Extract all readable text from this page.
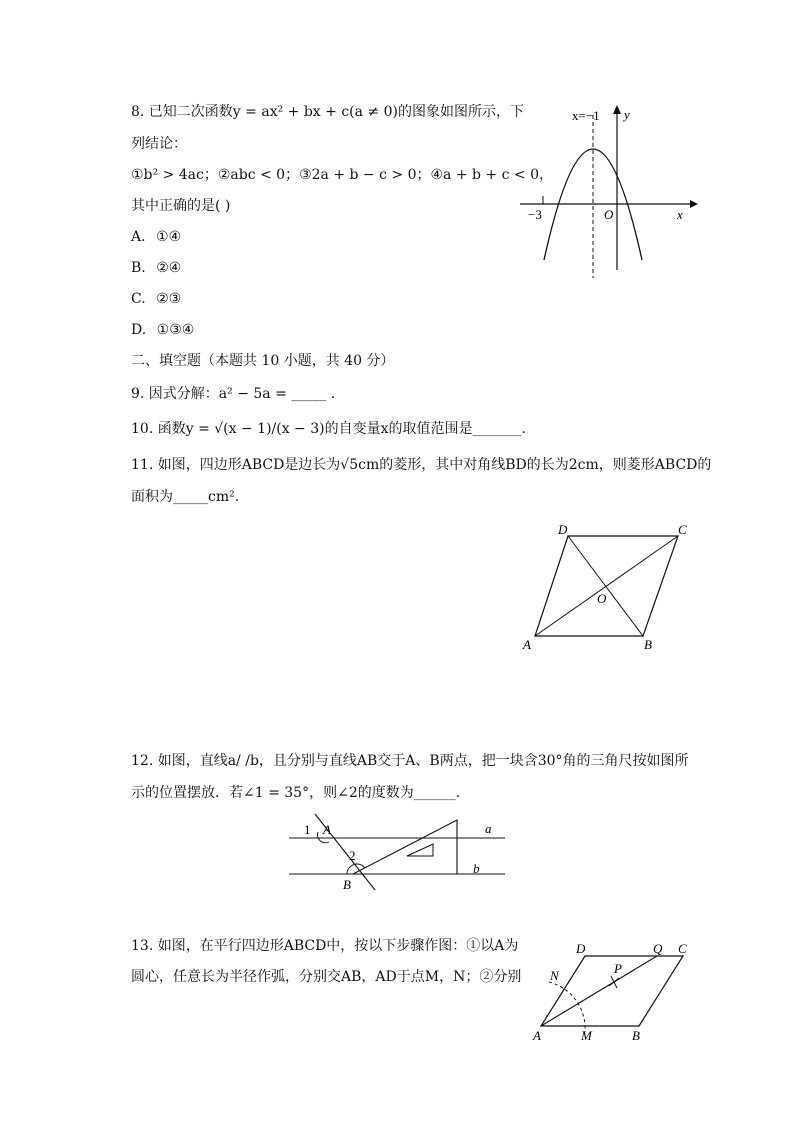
8. 已知二次函数y = ax² + bx + c(a ≠ 0)的图象如图所示，下
列结论：
①b² > 4ac；②abc < 0；③2a + b − c > 0；④a + b + c < 0，
其中正确的是( )
A. ①④
B. ②④
C. ②③
D. ①③④
x=−1 y
x
O
−3
二、填空题（本题共 10 小题，共 40 分）
9. 因式分解：a² − 5a = _____ .
10. 函数y = √(x − 1)/(x − 3)的自变量x的取值范围是_______.
11. 如图，四边形ABCD是边长为√5cm的菱形，其中对角线BD的长为2cm，则菱形ABCD的
面积为_____cm².
A	B
C
D
O
12. 如图，直线a/ /b，且分别与直线AB交于A、B两点，把一块含30°角的三角尺按如图所
示的位置摆放．若∠1 = 35°，则∠2的度数为______.
1
2
A
B
a
b
13. 如图，在平行四边形ABCD中，按以下步骤作图：①以A为
圆心，任意长为半径作弧，分别交AB，AD于点M，N；②分别
A	B
C
D
M
N	P
Q
